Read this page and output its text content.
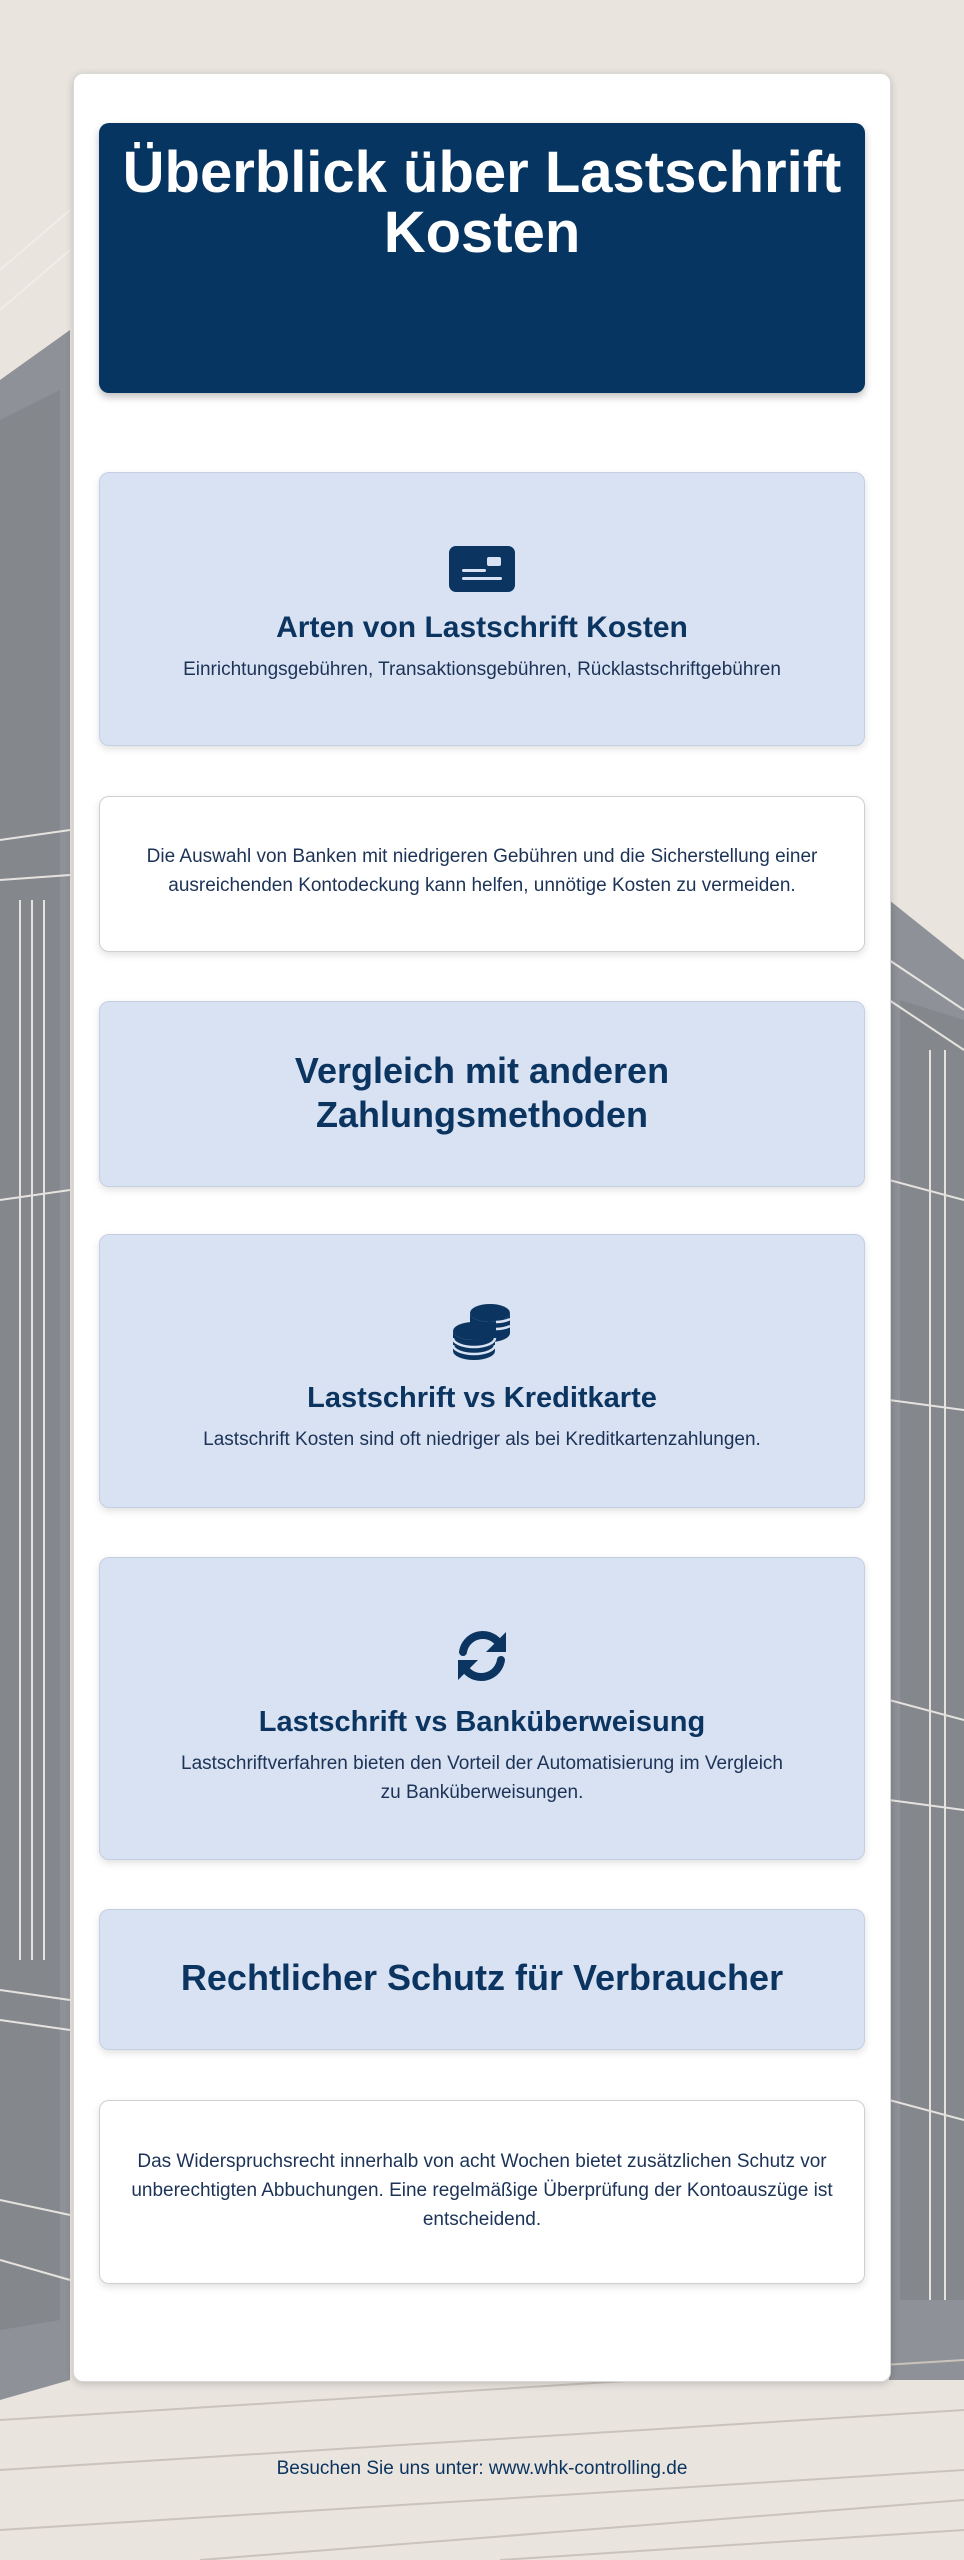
Überblick über Lastschrift Kosten
Arten von Lastschrift Kosten

Einrichtungsgebühren, Transaktionsgebühren, Rücklastschriftgebühren

Die Auswahl von Banken mit niedrigeren Gebühren und die Sicherstellung einer ausreichenden Kontodeckung kann helfen, unnötige Kosten zu vermeiden.

Vergleich mit anderen Zahlungsmethoden
Lastschrift vs Kreditkarte

Lastschrift Kosten sind oft niedriger als bei Kreditkartenzahlungen.

Lastschrift vs Banküberweisung

Lastschriftverfahren bieten den Vorteil der Automatisierung im Vergleich zu Banküberweisungen.

Rechtlicher Schutz für Verbraucher

Das Widerspruchsrecht innerhalb von acht Wochen bietet zusätzlichen Schutz vor unberechtigten Abbuchungen. Eine regelmäßige Überprüfung der Kontoauszüge ist entscheidend.

Besuchen Sie uns unter: www.whk-controlling.de
